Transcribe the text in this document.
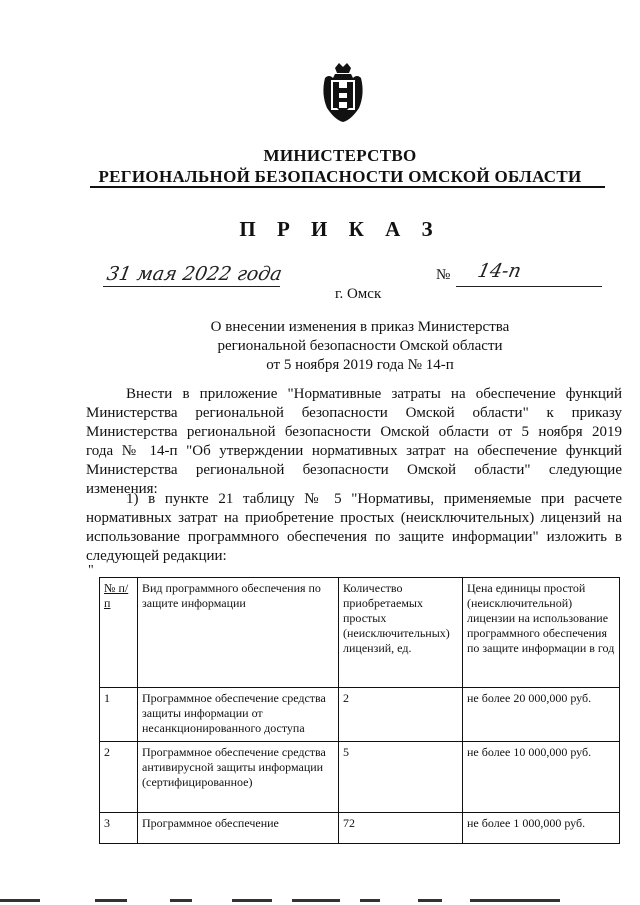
МИНИСТЕРСТВО
РЕГИОНАЛЬНОЙ БЕЗОПАСНОСТИ ОМСКОЙ ОБЛАСТИ
П Р И К А З
31 мая 2022 года	№ 14-п
г. Омск
О внесении изменения в приказ Министерства
региональной безопасности Омской области
от 5 ноября 2019 года № 14-п
Внести в приложение "Нормативные затраты на обеспечение функций
Министерства региональной безопасности Омской области" к приказу
Министерства региональной безопасности Омской области от 5 ноября 2019
года № 14-п "Об утверждении нормативных затрат на обеспечение функций
Министерства региональной безопасности Омской области" следующие
изменения:
1) в пункте 21 таблицу № 5 "Нормативы, применяемые при расчете
нормативных затрат на приобретение простых (неисключительных) лицензий на
использование программного обеспечения по защите информации" изложить в
следующей редакции:
"
№ п/п	Вид программного обеспечения по защите информации	Количество приобретаемых простых (неисключительных) лицензий, ед.	Цена единицы простой (неисключительной) лицензии на использование программного обеспечения по защите информации в год
1	Программное обеспечение средства защиты информации от несанкционированного доступа	2	не более 20 000,000 руб.
2	Программное обеспечение средства антивирусной защиты информации (сертифицированное)	5	не более 10 000,000 руб.
3	Программное обеспечение	72	не более 1 000,000 руб.
